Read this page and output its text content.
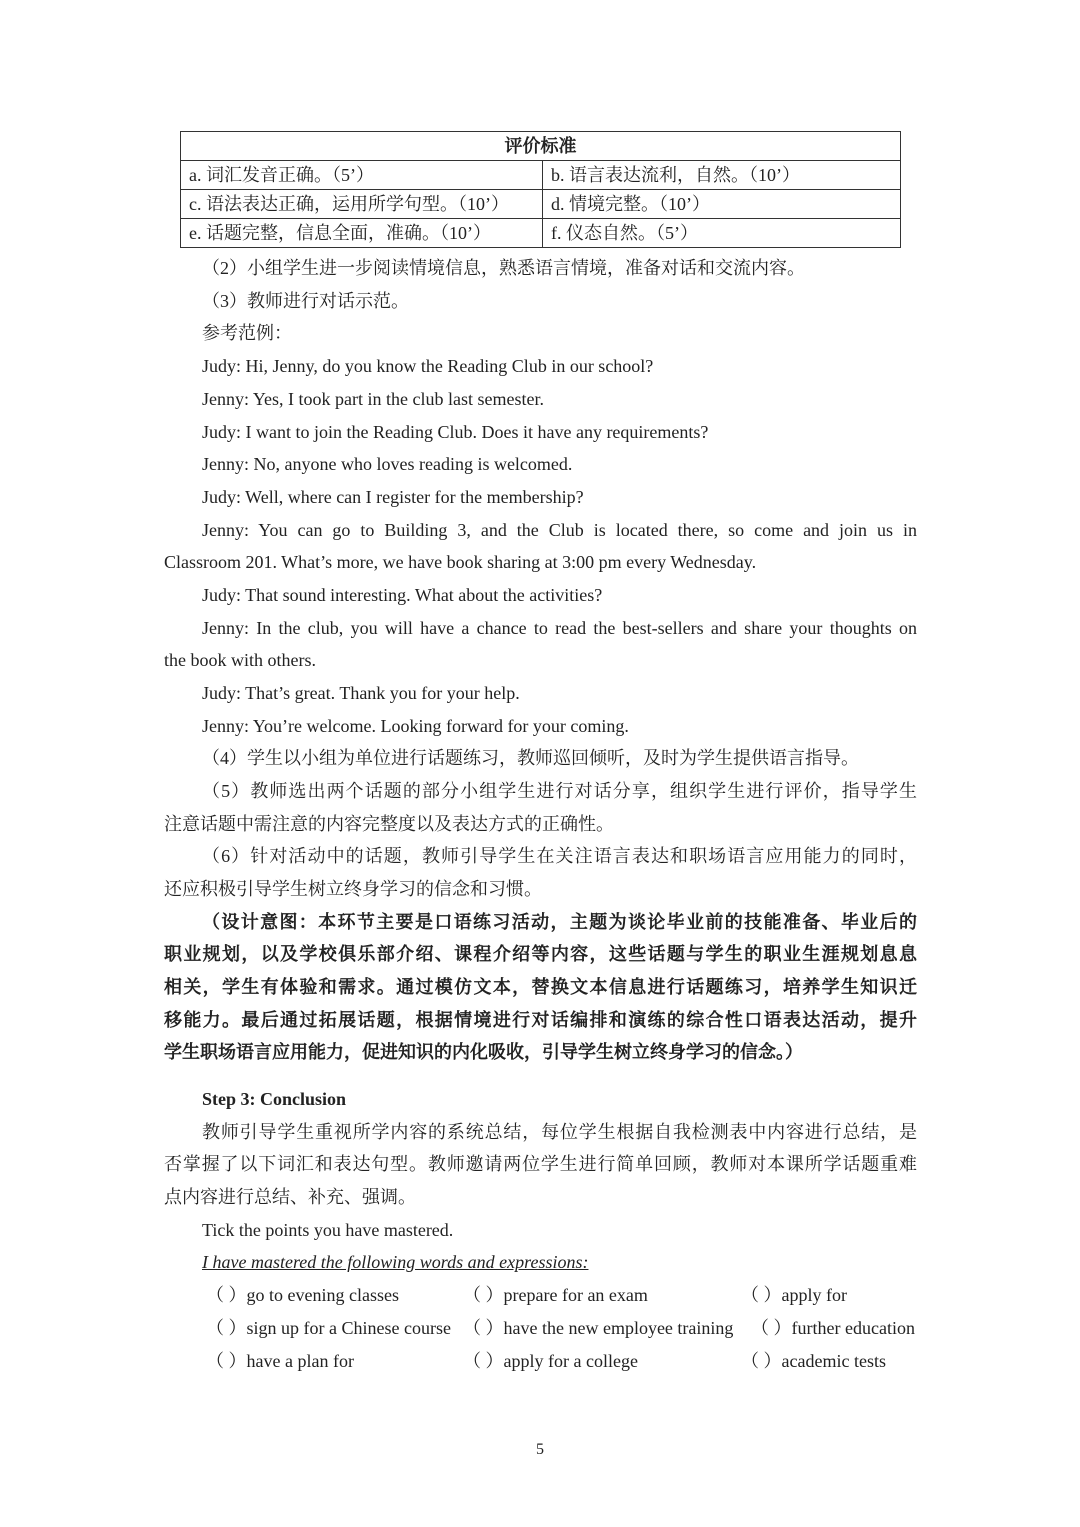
评价标准	
a. 词汇发音正确。（5’）	b. 语言表达流利，自然。（10’）
c. 语法表达正确，运用所学句型。（10’）	d. 情境完整。（10’）
e. 话题完整，信息全面，准确。（10’）	f. 仪态自然。（5’）
（2）小组学生进一步阅读情境信息，熟悉语言情境，准备对话和交流内容。
（3）教师进行对话示范。
参考范例：
Judy: Hi, Jenny, do you know the Reading Club in our school?
Jenny: Yes, I took part in the club last semester.
Judy: I want to join the Reading Club. Does it have any requirements?
Jenny: No, anyone who loves reading is welcomed.
Judy: Well, where can I register for the membership?
Jenny: You can go to Building 3, and the Club is located there, so come and join us in
Classroom 201. What’s more, we have book sharing at 3:00 pm every Wednesday.
Judy: That sound interesting. What about the activities?
Jenny: In the club, you will have a chance to read the best-sellers and share your thoughts on
the book with others.
Judy: That’s great. Thank you for your help.
Jenny: You’re welcome. Looking forward for your coming.
（4）学生以小组为单位进行话题练习，教师巡回倾听，及时为学生提供语言指导。
（5）教师选出两个话题的部分小组学生进行对话分享，组织学生进行评价，指导学生
注意话题中需注意的内容完整度以及表达方式的正确性。
（6）针对活动中的话题，教师引导学生在关注语言表达和职场语言应用能力的同时，
还应积极引导学生树立终身学习的信念和习惯。
（设计意图：本环节主要是口语练习活动，主题为谈论毕业前的技能准备、毕业后的
职业规划，以及学校俱乐部介绍、课程介绍等内容，这些话题与学生的职业生涯规划息息
相关，学生有体验和需求。通过模仿文本，替换文本信息进行话题练习，培养学生知识迁
移能力。最后通过拓展话题，根据情境进行对话编排和演练的综合性口语表达活动，提升
学生职场语言应用能力，促进知识的内化吸收，引导学生树立终身学习的信念。）
Step 3: Conclusion
教师引导学生重视所学内容的系统总结，每位学生根据自我检测表中内容进行总结，是
否掌握了以下词汇和表达句型。教师邀请两位学生进行简单回顾，教师对本课所学话题重难
点内容进行总结、补充、强调。
Tick the points you have mastered.
I have mastered the following words and expressions:
（ ）go to evening classes	（ ）prepare for an exam	（ ）apply for
（ ）sign up for a Chinese course （ ）have the new employee training （ ）further education
（ ）have a plan for	（ ）apply for a college	（ ）academic tests
5
